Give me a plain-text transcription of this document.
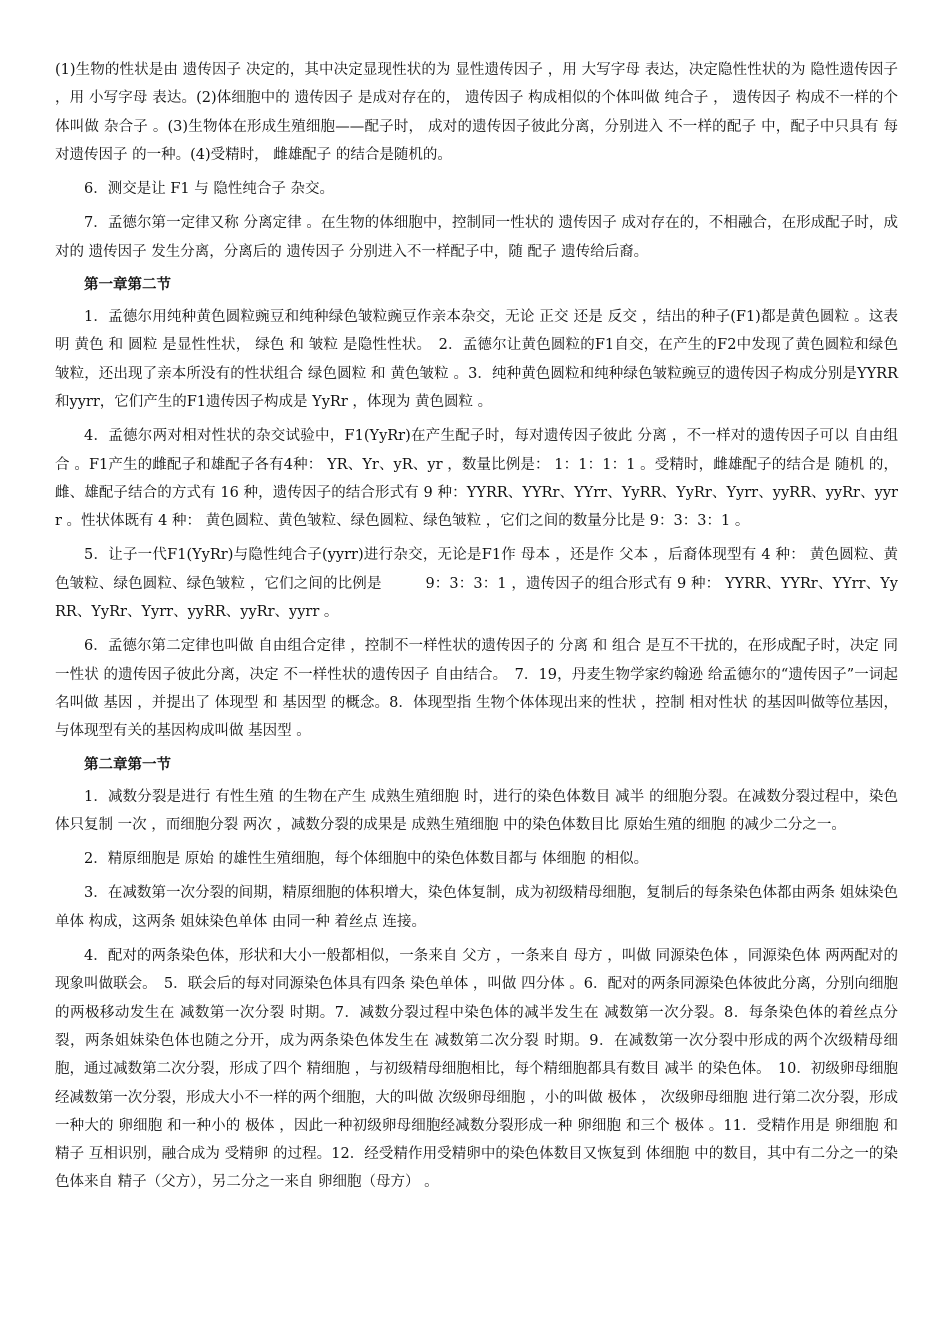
(1)生物的性状是由 遗传因子 决定的，其中决定显现性状的为 显性遗传因子 ，用 大写字母 表达，决定隐性性状的为 隐性遗传因子 ，用 小写字母 表达。(2)体细胞中的 遗传因子 是成对存在的， 遗传因子 构成相似的个体叫做 纯合子 ， 遗传因子 构成不一样的个体叫做 杂合子 。(3)生物体在形成生殖细胞——配子时， 成对的遗传因子彼此分离，分别进入 不一样的配子 中，配子中只具有 每对遗传因子 的一种。(4)受精时， 雌雄配子 的结合是随机的。

6．测交是让 F1 与 隐性纯合子 杂交。

7．孟德尔第一定律又称 分离定律 。在生物的体细胞中，控制同一性状的 遗传因子 成对存在的，不相融合，在形成配子时，成对的 遗传因子 发生分离，分离后的 遗传因子 分别进入不一样配子中，随 配子 遗传给后裔。

第一章第二节

1．孟德尔用纯种黄色圆粒豌豆和纯种绿色皱粒豌豆作亲本杂交，无论 正交 还是 反交 ，结出的种子(F1)都是黄色圆粒 。这表明 黄色 和 圆粒 是显性性状， 绿色 和 皱粒 是隐性性状。　2．孟德尔让黄色圆粒的F1自交，在产生的F2中发现了黄色圆粒和绿色皱粒，还出现了亲本所没有的性状组合 绿色圆粒 和 黄色皱粒 。3．纯种黄色圆粒和纯种绿色皱粒豌豆的遗传因子构成分别是YYRR和yyrr，它们产生的F1遗传因子构成是 YyRr ，体现为 黄色圆粒 。

4．孟德尔两对相对性状的杂交试验中，F1(YyRr)在产生配子时，每对遗传因子彼此 分离 ，不一样对的遗传因子可以 自由组合 。F1产生的雌配子和雄配子各有4种： YR、Yr、yR、yr ，数量比例是： 1：1：1：1 。受精时，雌雄配子的结合是 随机 的，雌、雄配子结合的方式有 16 种，遗传因子的结合形式有 9 种：YYRR、YYRr、YYrr、YyRR、YyRr、Yyrr、yyRR、yyRr、yyrr 。性状体既有 4 种： 黄色圆粒、黄色皱粒、绿色圆粒、绿色皱粒 ，它们之间的数量分比是 9：3：3：1 。

5．让子一代F1(YyRr)与隐性纯合子(yyrr)进行杂交，无论是F1作 母本 ，还是作 父本 ，后裔体现型有 4 种： 黄色圆粒、黄色皱粒、绿色圆粒、绿色皱粒 ，它们之间的比例是　　　9：3：3：1 ，遗传因子的组合形式有 9 种： YYRR、YYRr、YYrr、YyRR、YyRr、Yyrr、yyRR、yyRr、yyrr 。

6．孟德尔第二定律也叫做 自由组合定律 ，控制不一样性状的遗传因子的 分离 和 组合 是互不干扰的，在形成配子时，决定 同一性状 的遗传因子彼此分离，决定 不一样性状的遗传因子 自由结合。　7．19，丹麦生物学家约翰逊 给孟德尔的“遗传因子”一词起名叫做 基因 ，并提出了 体现型 和 基因型 的概念。8．体现型指 生物个体体现出来的性状 ，控制 相对性状 的基因叫做等位基因，与体现型有关的基因构成叫做 基因型 。

第二章第一节

1．减数分裂是进行 有性生殖 的生物在产生 成熟生殖细胞 时，进行的染色体数目 减半 的细胞分裂。在减数分裂过程中，染色体只复制 一次 ，而细胞分裂 两次 ，减数分裂的成果是 成熟生殖细胞 中的染色体数目比 原始生殖的细胞 的减少二分之一。

2．精原细胞是 原始 的雄性生殖细胞，每个体细胞中的染色体数目都与 体细胞 的相似。

3．在减数第一次分裂的间期，精原细胞的体积增大，染色体复制，成为初级精母细胞，复制后的每条染色体都由两条 姐妹染色单体 构成，这两条 姐妹染色单体 由同一种 着丝点 连接。

4．配对的两条染色体，形状和大小一般都相似，一条来自 父方 ，一条来自 母方 ，叫做 同源染色体 ，同源染色体 两两配对的现象叫做联会。　5．联会后的每对同源染色体具有四条 染色单体 ，叫做 四分体 。6．配对的两条同源染色体彼此分离，分别向细胞的两极移动发生在 减数第一次分裂 时期。7．减数分裂过程中染色体的减半发生在 减数第一次分裂。8．每条染色体的着丝点分裂，两条姐妹染色体也随之分开，成为两条染色体发生在 减数第二次分裂 时期。9．在减数第一次分裂中形成的两个次级精母细胞，通过减数第二次分裂，形成了四个 精细胞 ，与初级精母细胞相比，每个精细胞都具有数目 减半 的染色体。　10．初级卵母细胞经减数第一次分裂，形成大小不一样的两个细胞，大的叫做 次级卵母细胞 ，小的叫做 极体 ， 次级卵母细胞 进行第二次分裂，形成一种大的 卵细胞 和一种小的 极体 ，因此一种初级卵母细胞经减数分裂形成一种 卵细胞 和三个 极体 。11．受精作用是 卵细胞 和 精子 互相识别，融合成为 受精卵 的过程。12．经受精作用受精卵中的染色体数目又恢复到 体细胞 中的数目，其中有二分之一的染色体来自 精子（父方），另二分之一来自 卵细胞（母方） 。
